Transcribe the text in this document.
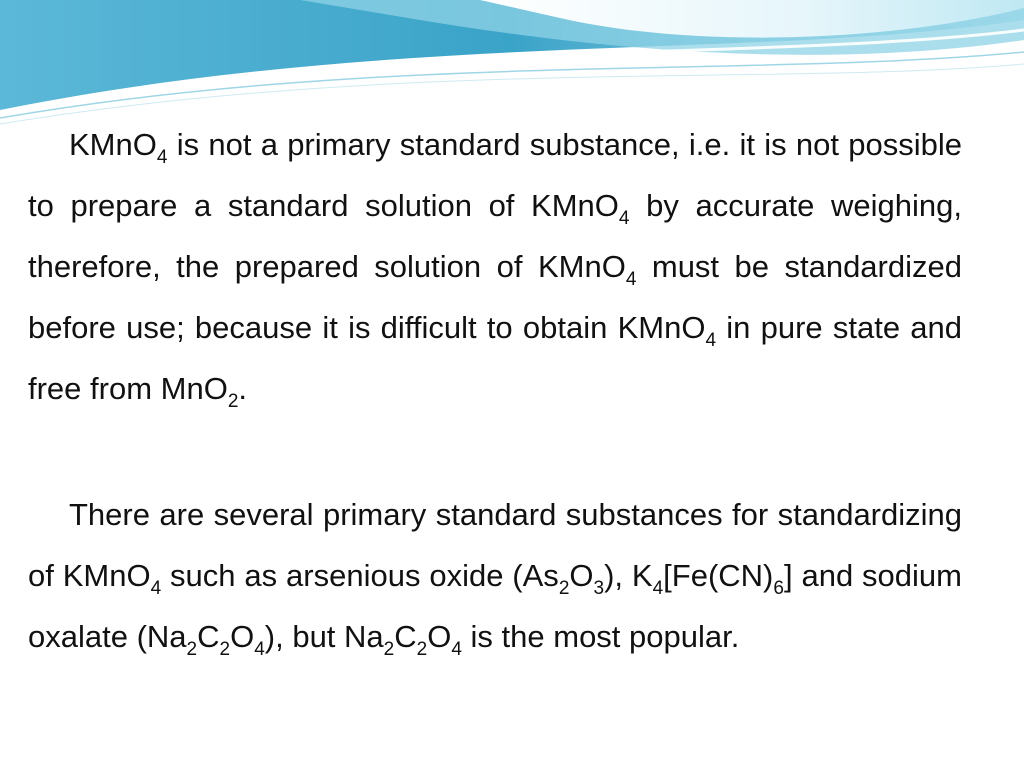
KMnO$_4$ is not a primary standard substance, i.e. it is not possible to prepare a standard solution of KMnO$_4$ by accurate weighing, therefore, the prepared solution of KMnO$_4$ must be standardized before use; because it is difficult to obtain KMnO$_4$ in pure state and free from MnO$_2$.
There are several primary standard substances for standardizing of KMnO$_4$ such as arsenious oxide $(As_2O_3)$, $K_4[Fe(CN)_6]$ and sodium oxalate $(Na_2C_2O_4)$, but $Na_2C_2O_4$ is the most popular.
